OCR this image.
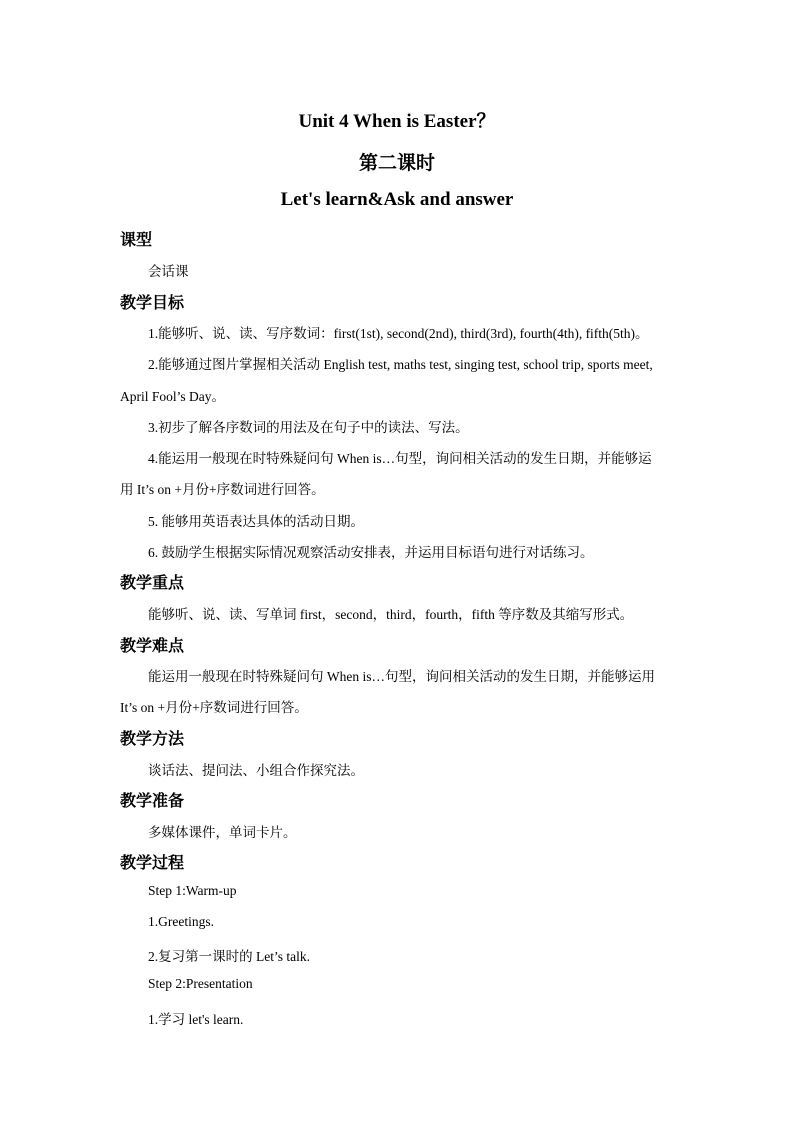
Unit 4 When is Easter？
第二课时
Let's learn&Ask and answer
课型
会话课
教学目标
1.能够听、说、读、写序数词：first(1st), second(2nd), third(3rd), fourth(4th), fifth(5th)。
2.能够通过图片掌握相关活动 English test, maths test, singing test, school trip, sports meet,
April Fool’s Day。
3.初步了解各序数词的用法及在句子中的读法、写法。
4.能运用一般现在时特殊疑问句 When is…句型，询问相关活动的发生日期，并能够运
用 It’s on +月份+序数词进行回答。
5. 能够用英语表达具体的活动日期。
6. 鼓励学生根据实际情况观察活动安排表，并运用目标语句进行对话练习。
教学重点
能够听、说、读、写单词 first，second，third，fourth，fifth 等序数及其缩写形式。
教学难点
能运用一般现在时特殊疑问句 When is…句型，询问相关活动的发生日期，并能够运用
It’s on +月份+序数词进行回答。
教学方法
谈话法、提问法、小组合作探究法。
教学准备
多媒体课件，单词卡片。
教学过程
Step 1:Warm-up
1.Greetings.
2.复习第一课时的 Let’s talk.
Step 2:Presentation
1.学习 let's learn.
